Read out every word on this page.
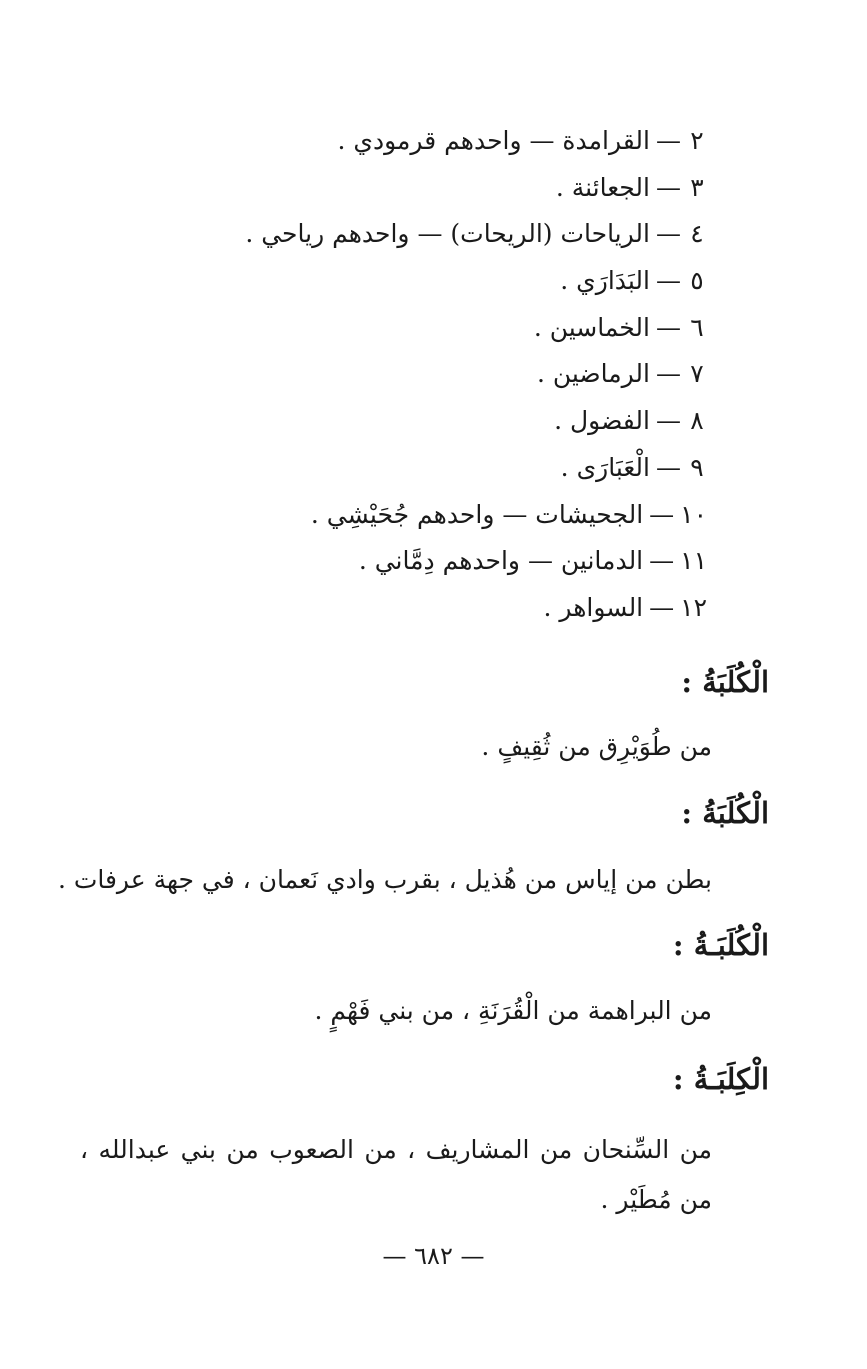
٢—القرامدة — واحدهم قرمودي .
٣—الجعائنة .
٤—الرياحات (الريحات) — واحدهم رياحي .
٥—البَدَارَي .
٦—الخماسين .
٧—الرماضين .
٨—الفضول .
٩—الْعَبَارَى .
١٠—الجحيشات — واحدهم جُحَيْشِي .
١١—الدمانين — واحدهم دِمَّاني .
١٢—السواهر .
الْكُلَبَةُ :
من طُوَيْرِق من ثُقِيفٍ .
الْكُلَبَةُ :
بطن من إياس من هُذيل ، بقرب وادي نَعمان ، في جهة عرفات .
الْكُلَبَـةُ :
من البراهمة من الْقُرَنَةِ ، من بني فَهْمٍ .
الْكِلَبَـةُ :
من السِّنحان من المشاريف ، من الصعوب من بني عبدالله ، من مُطَيْر .
— ٦٨٢ —
